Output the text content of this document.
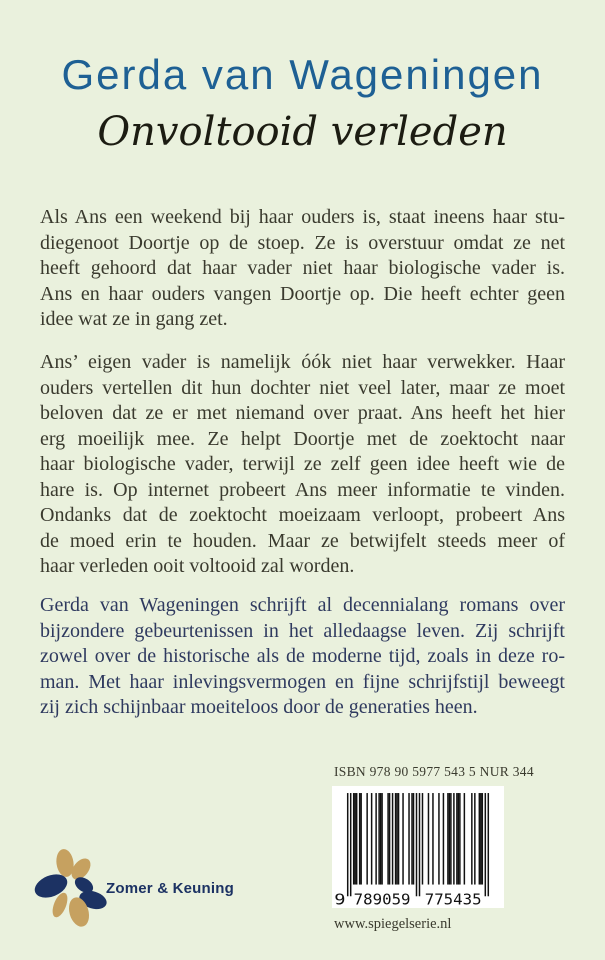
Gerda van Wageningen
Onvoltooid verleden
Als Ans een weekend bij haar ouders is, staat ineens haar stu-
diegenoot Doortje op de stoep. Ze is overstuur omdat ze net
heeft gehoord dat haar vader niet haar biologische vader is.
Ans en haar ouders vangen Doortje op. Die heeft echter geen
idee wat ze in gang zet.
Ans’ eigen vader is namelijk óók niet haar verwekker. Haar
ouders vertellen dit hun dochter niet veel later, maar ze moet
beloven dat ze er met niemand over praat. Ans heeft het hier
erg moeilijk mee. Ze helpt Doortje met de zoektocht naar
haar biologische vader, terwijl ze zelf geen idee heeft wie de
hare is. Op internet probeert Ans meer informatie te vinden.
Ondanks dat de zoektocht moeizaam verloopt, probeert Ans
de moed erin te houden. Maar ze betwijfelt steeds meer of
haar verleden ooit voltooid zal worden.
Gerda van Wageningen schrijft al decennialang romans over
bijzondere gebeurtenissen in het alledaagse leven. Zij schrijft
zowel over de historische als de moderne tijd, zoals in deze ro-
man. Met haar inlevingsvermogen en fijne schrijfstijl beweegt
zij zich schijnbaar moeiteloos door de generaties heen.
ISBN 978 90 5977 543 5 NUR 344
9 789059 775435
www.spiegelserie.nl
Zomer & Keuning
